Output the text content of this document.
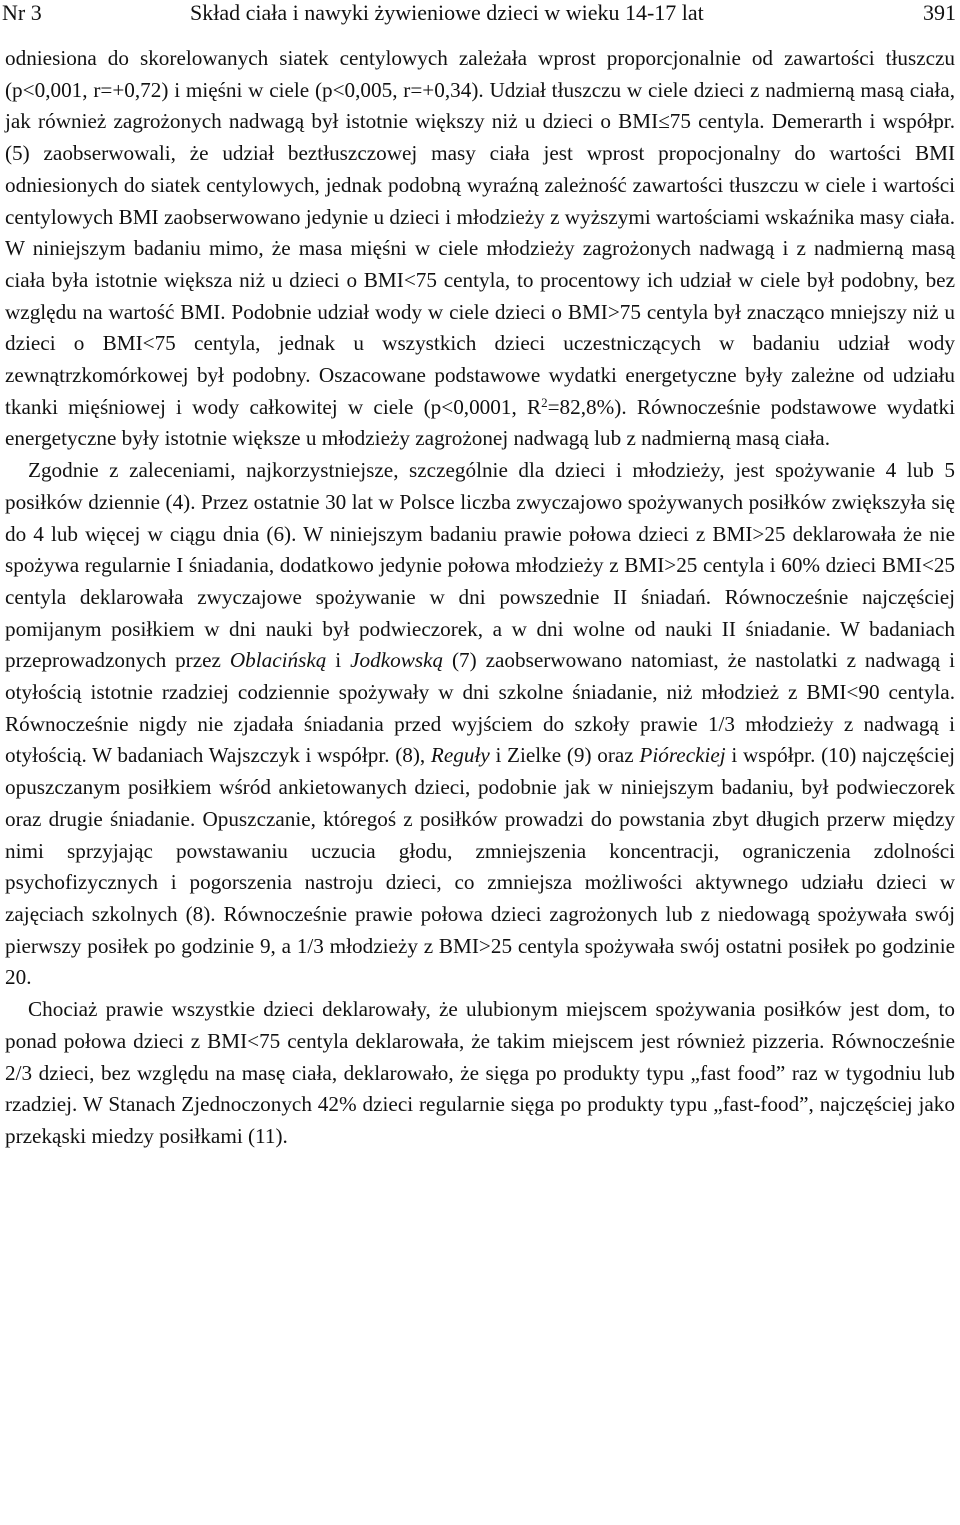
Nr 3	Skład ciała i nawyki żywieniowe dzieci w wieku 14-17 lat	391

odniesiona do skorelowanych siatek centylowych zależała wprost proporcjonalnie od zawartości tłuszczu (p<0,001, r=+0,72) i mięśni w ciele (p<0,005, r=+0,34). Udział tłuszczu w ciele dzieci z nadmierną masą ciała, jak również zagrożonych nadwagą był istotnie większy niż u dzieci o BMI≤75 centyla. Demerarth i współpr. (5) zaobserwowali, że udział beztłuszczowej masy ciała jest wprost propocjonalny do wartości BMI odniesionych do siatek centylowych, jednak podobną wyraźną zależność zawartości tłuszczu w ciele i wartości centylowych BMI zaobserwowano jedynie u dzieci i młodzieży z wyższymi wartościami wskaźnika masy ciała. W niniejszym badaniu mimo, że masa mięśni w ciele młodzieży zagrożonych nadwagą i z nadmierną masą ciała była istotnie większa niż u dzieci o BMI<75 centyla, to procentowy ich udział w ciele był podobny, bez względu na wartość BMI. Podobnie udział wody w ciele dzieci o BMI>75 centyla był znacząco mniejszy niż u dzieci o BMI<75 centyla, jednak u wszystkich dzieci uczestniczących w badaniu udział wody zewnątrzkomórkowej był podobny. Oszacowane podstawowe wydatki energetyczne były zależne od udziału tkanki mięśniowej i wody całkowitej w ciele (p<0,0001, $R^2=82,8\%$). Równocześnie podstawowe wydatki energetyczne były istotnie większe u młodzieży zagrożonej nadwagą lub z nadmierną masą ciała.

Zgodnie z zaleceniami, najkorzystniejsze, szczególnie dla dzieci i młodzieży, jest spożywanie 4 lub 5 posiłków dziennie (4). Przez ostatnie 30 lat w Polsce liczba zwyczajowo spożywanych posiłków zwiększyła się do 4 lub więcej w ciągu dnia (6). W niniejszym badaniu prawie połowa dzieci z BMI>25 deklarowała że nie spożywa regularnie I śniadania, dodatkowo jedynie połowa młodzieży z BMI>25 centyla i 60% dzieci BMI<25 centyla deklarowała zwyczajowe spożywanie w dni powszednie II śniadań. Równocześnie najczęściej pomijanym posiłkiem w dni nauki był podwieczorek, a w dni wolne od nauki II śniadanie. W badaniach przeprowadzonych przez Oblacińską i Jodkowską (7) zaobserwowano natomiast, że nastolatki z nadwagą i otyłością istotnie rzadziej codziennie spożywały w dni szkolne śniadanie, niż młodzież z BMI<90 centyla. Równocześnie nigdy nie zjadała śniadania przed wyjściem do szkoły prawie 1/3 młodzieży z nadwagą i otyłością. W badaniach Wajszczyk i współpr. (8), Reguły i Zielke (9) oraz Pióreckiej i współpr. (10) najczęściej opuszczanym posiłkiem wśród ankietowanych dzieci, podobnie jak w niniejszym badaniu, był podwieczorek oraz drugie śniadanie. Opuszczanie, któregoś z posiłków prowadzi do powstania zbyt długich przerw między nimi sprzyjając powstawaniu uczucia głodu, zmniejszenia koncentracji, ograniczenia zdolności psychofizycznych i pogorszenia nastroju dzieci, co zmniejsza możliwości aktywnego udziału dzieci w zajęciach szkolnych (8). Równocześnie prawie połowa dzieci zagrożonych lub z niedowagą spożywała swój pierwszy posiłek po godzinie 9, a 1/3 młodzieży z BMI>25 centyla spożywała swój ostatni posiłek po godzinie 20.

Chociaż prawie wszystkie dzieci deklarowały, że ulubionym miejscem spożywania posiłków jest dom, to ponad połowa dzieci z BMI<75 centyla deklarowała, że takim miejscem jest również pizzeria. Równocześnie 2/3 dzieci, bez względu na masę ciała, deklarowało, że sięga po produkty typu „fast food” raz w tygodniu lub rzadziej. W Stanach Zjednoczonych 42% dzieci regularnie sięga po produkty typu „fast-food”, najczęściej jako przekąski miedzy posiłkami (11).
